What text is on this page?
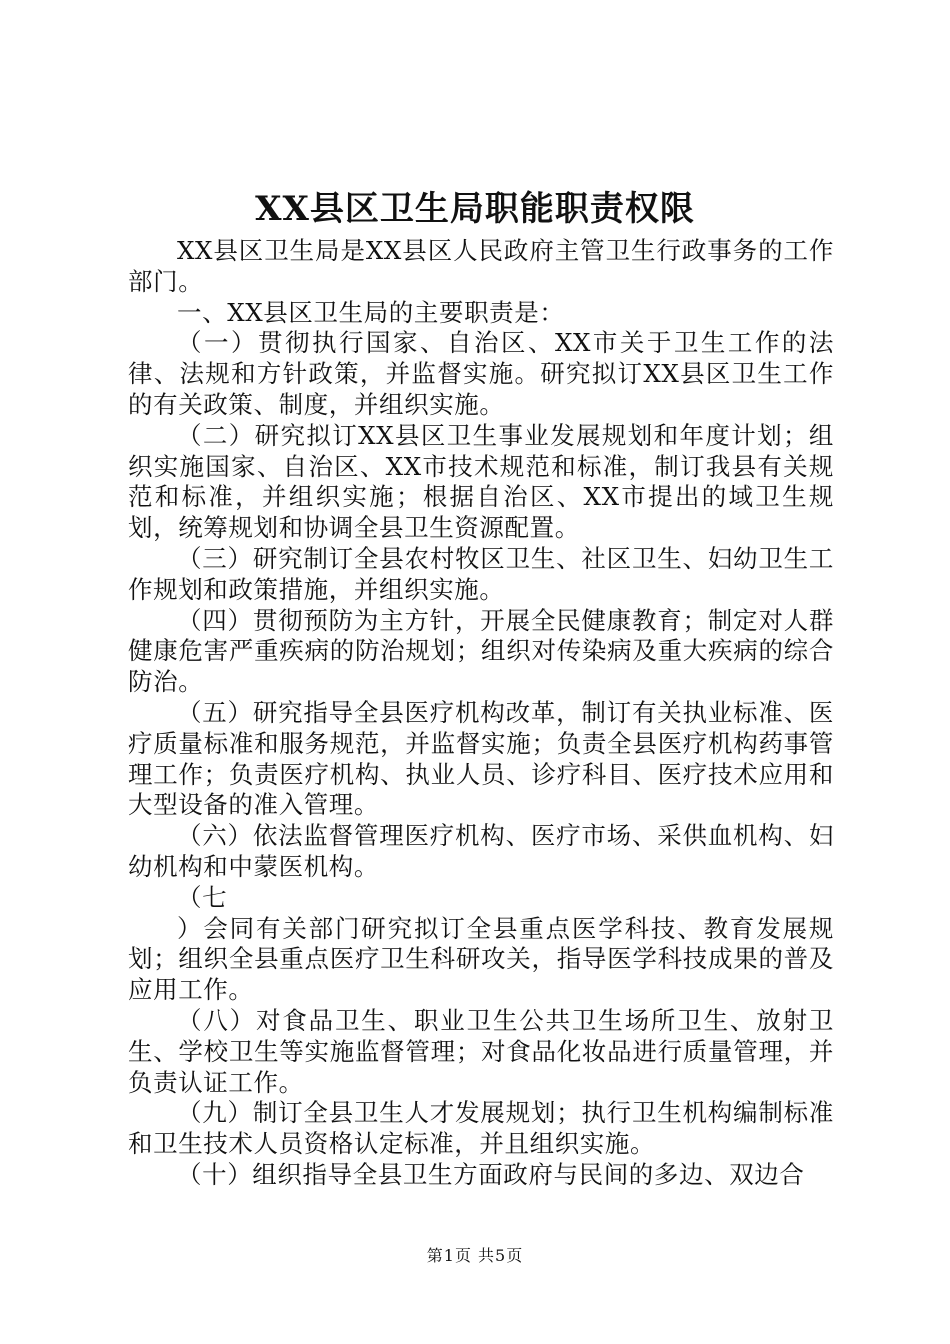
XX县区卫生局职能职责权限

XX县区卫生局是XX县区人民政府主管卫生行政事务的工作部门。

一、XX县区卫生局的主要职责是：

（一）贯彻执行国家、自治区、XX市关于卫生工作的法律、法规和方针政策，并监督实施。研究拟订XX县区卫生工作的有关政策、制度，并组织实施。

（二）研究拟订XX县区卫生事业发展规划和年度计划；组织实施国家、自治区、XX市技术规范和标准，制订我县有关规范和标准，并组织实施；根据自治区、XX市提出的域卫生规划，统筹规划和协调全县卫生资源配置。

（三）研究制订全县农村牧区卫生、社区卫生、妇幼卫生工作规划和政策措施，并组织实施。

（四）贯彻预防为主方针，开展全民健康教育；制定对人群健康危害严重疾病的防治规划；组织对传染病及重大疾病的综合防治。

（五）研究指导全县医疗机构改革，制订有关执业标准、医疗质量标准和服务规范，并监督实施；负责全县医疗机构药事管理工作；负责医疗机构、执业人员、诊疗科目、医疗技术应用和大型设备的准入管理。

（六）依法监督管理医疗机构、医疗市场、采供血机构、妇幼机构和中蒙医机构。

（七

）会同有关部门研究拟订全县重点医学科技、教育发展规划；组织全县重点医疗卫生科研攻关，指导医学科技成果的普及应用工作。

（八）对食品卫生、职业卫生公共卫生场所卫生、放射卫生、学校卫生等实施监督管理；对食品化妆品进行质量管理，并负责认证工作。

（九）制订全县卫生人才发展规划；执行卫生机构编制标准和卫生技术人员资格认定标准，并且组织实施。

（十）组织指导全县卫生方面政府与民间的多边、双边合

第1页 共5页
